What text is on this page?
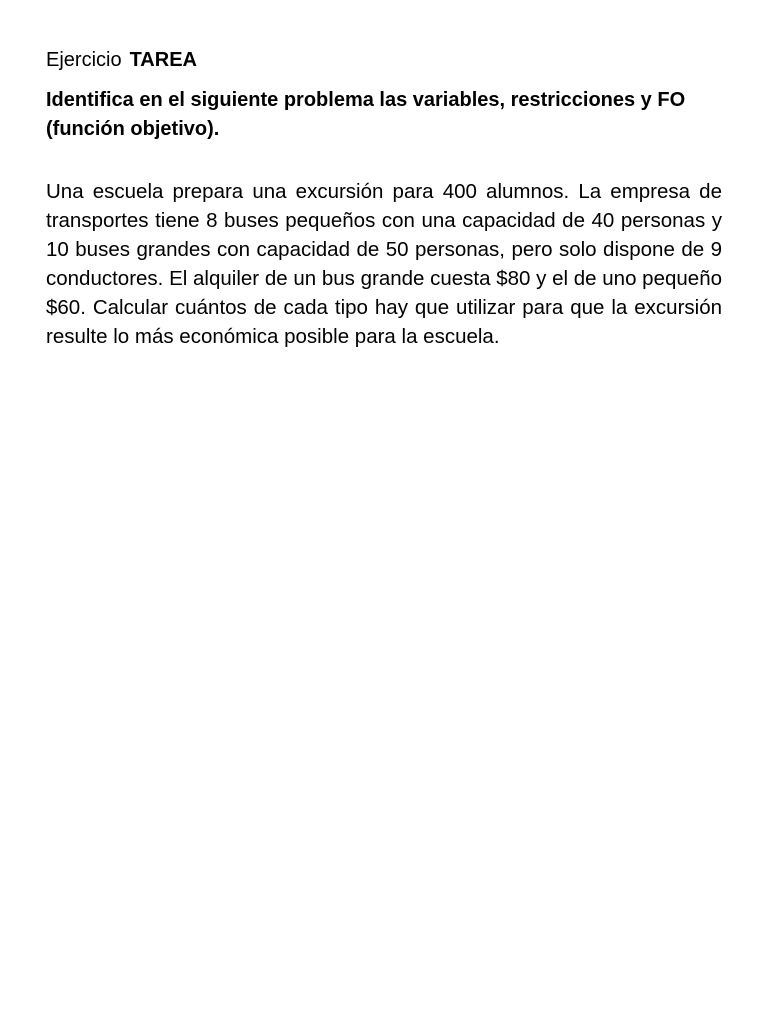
Ejercicio TAREA

Identifica en el siguiente problema las variables, restricciones y FO (función objetivo).

Una escuela prepara una excursión para 400 alumnos. La empresa de transportes tiene 8 buses pequeños con una capacidad de 40 personas y 10 buses grandes con capacidad de 50 personas, pero solo dispone de 9 conductores. El alquiler de un bus grande cuesta $80 y el de uno pequeño $60. Calcular cuántos de cada tipo hay que utilizar para que la excursión resulte lo más económica posible para la escuela.
